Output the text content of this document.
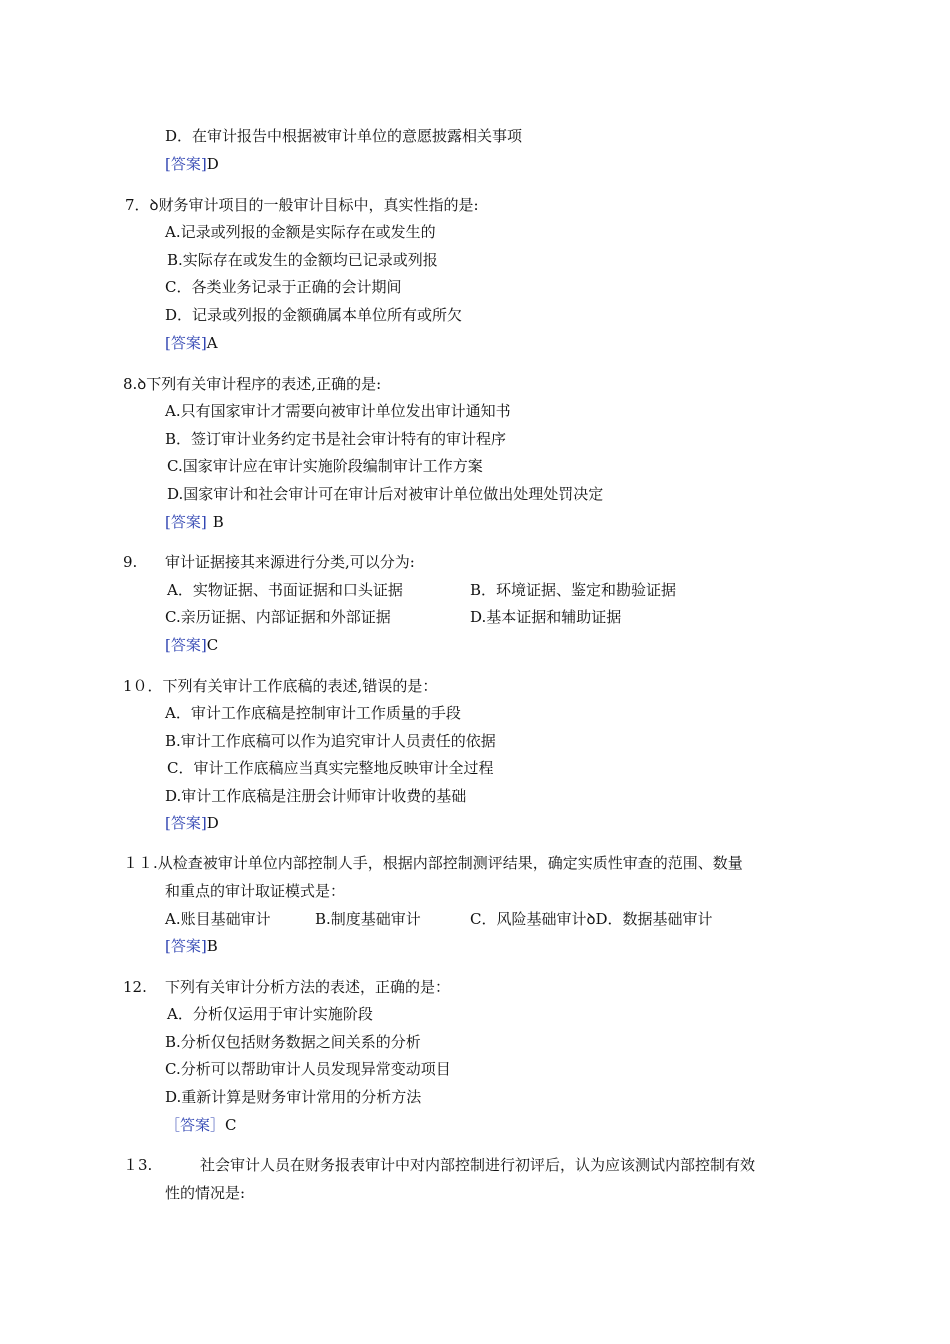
D．在审计报告中根据被审计单位的意愿披露相关事项
[答案]D
7．ꝺ财务审计项目的一般审计目标中，真实性指的是:
A.记录或列报的金额是实际存在或发生的
B.实际存在或发生的金额均已记录或列报
C．各类业务记录于正确的会计期间
D．记录或列报的金额确属本单位所有或所欠
[答案]A
8.ꝺ下列有关审计程序的表述,正确的是:
A.只有国家审计才需要向被审计单位发出审计通知书
B．签订审计业务约定书是社会审计特有的审计程序
C.国家审计应在审计实施阶段编制审计工作方案
D.国家审计和社会审计可在审计后对被审计单位做出处理处罚决定
[答案] B
9. 审计证据接其来源进行分类,可以分为:
A．实物证据、书面证据和口头证据	B．环境证据、鉴定和勘验证据
C.亲历证据、内部证据和外部证据	D.基本证据和辅助证据
[答案]C
1０．下列有关审计工作底稿的表述,错误的是：
A．审计工作底稿是控制审计工作质量的手段
B.审计工作底稿可以作为追究审计人员责任的依据
C．审计工作底稿应当真实完整地反映审计全过程
D.审计工作底稿是注册会计师审计收费的基础
[答案]D
１１.从检查被审计单位内部控制人手，根据内部控制测评结果，确定实质性审查的范围、数量
和重点的审计取证模式是：
A.账目基础审计	B.制度基础审计	C．风险基础审计ꝺD．数据基础审计
[答案]B
12. 下列有关审计分析方法的表述，正确的是：
A．分析仅运用于审计实施阶段
B.分析仅包括财务数据之间关系的分析
C.分析可以帮助审计人员发现异常变动项目
D.重新计算是财务审计常用的分析方法
［答案］C
１3.	社会审计人员在财务报表审计中对内部控制进行初评后，认为应该测试内部控制有效
性的情况是:
